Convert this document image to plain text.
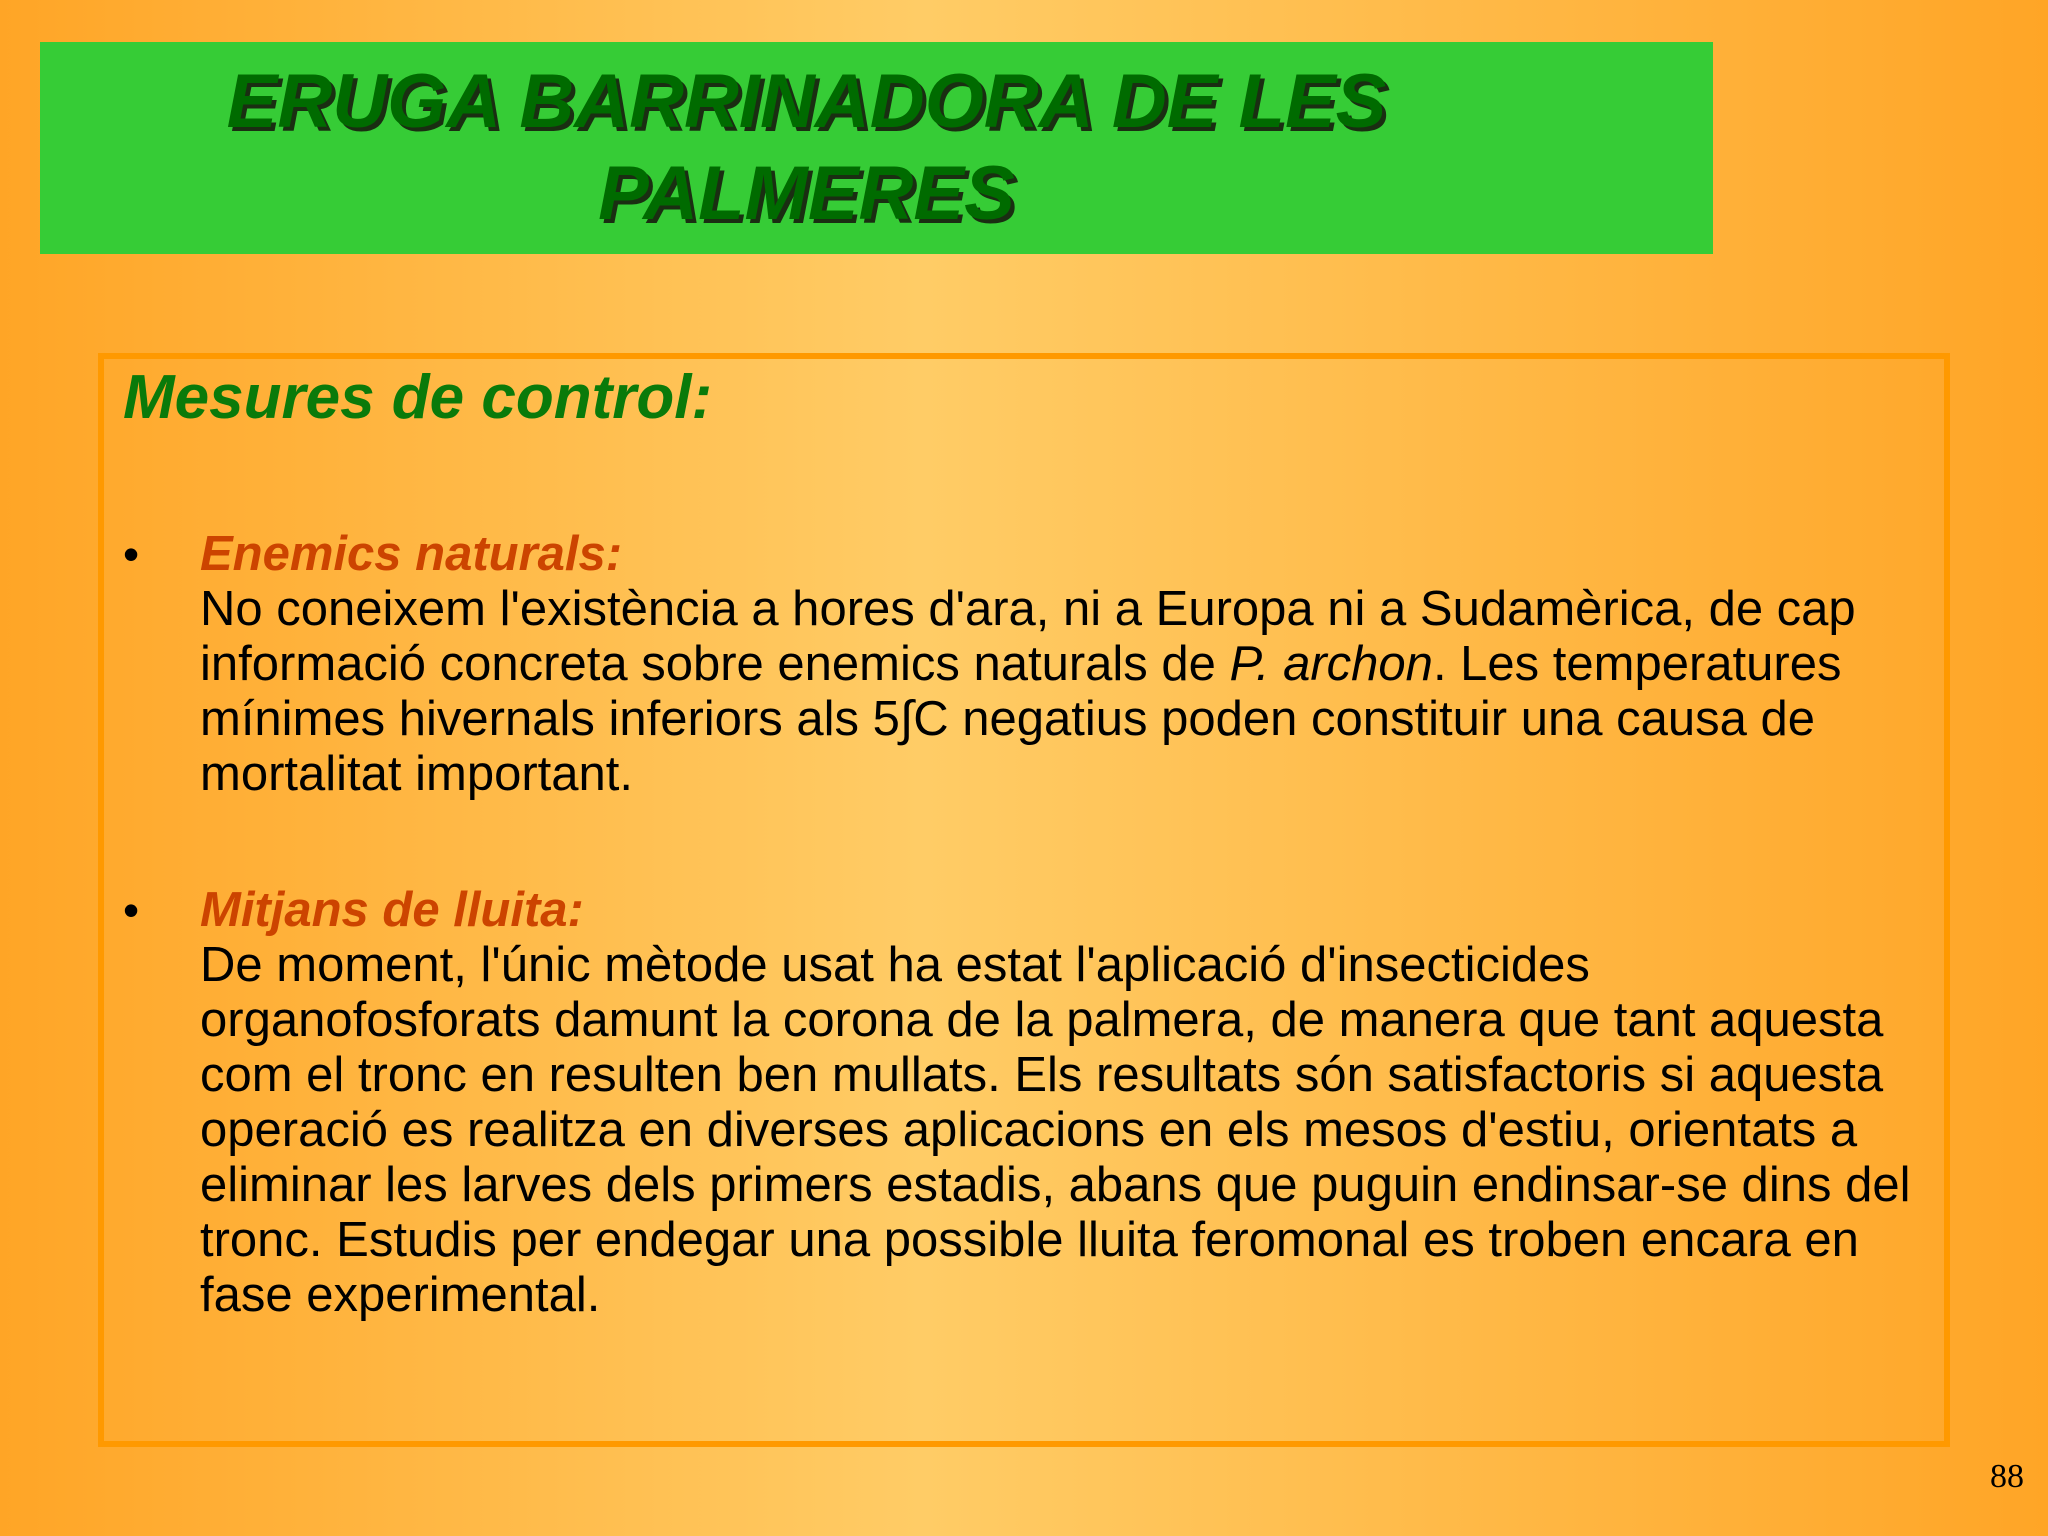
ERUGA BARRINADORA DE LES PALMERES
Mesures de control:
• Enemics naturals:
No coneixem l'existència a hores d'ara, ni a Europa ni a Sudamèrica, de cap informació concreta sobre enemics naturals de P. archon. Les temperatures mínimes hivernals inferiors als 5∫C negatius poden constituir una causa de mortalitat important.
• Mitjans de lluita:
De moment, l'únic mètode usat ha estat l'aplicació d'insecticides organofosforats damunt la corona de la palmera, de manera que tant aquesta com el tronc en resulten ben mullats. Els resultats són satisfactoris si aquesta operació es realitza en diverses aplicacions en els mesos d'estiu, orientats a eliminar les larves dels primers estadis, abans que puguin endinsar-se dins del tronc. Estudis per endegar una possible lluita feromonal es troben encara en fase experimental.
88
